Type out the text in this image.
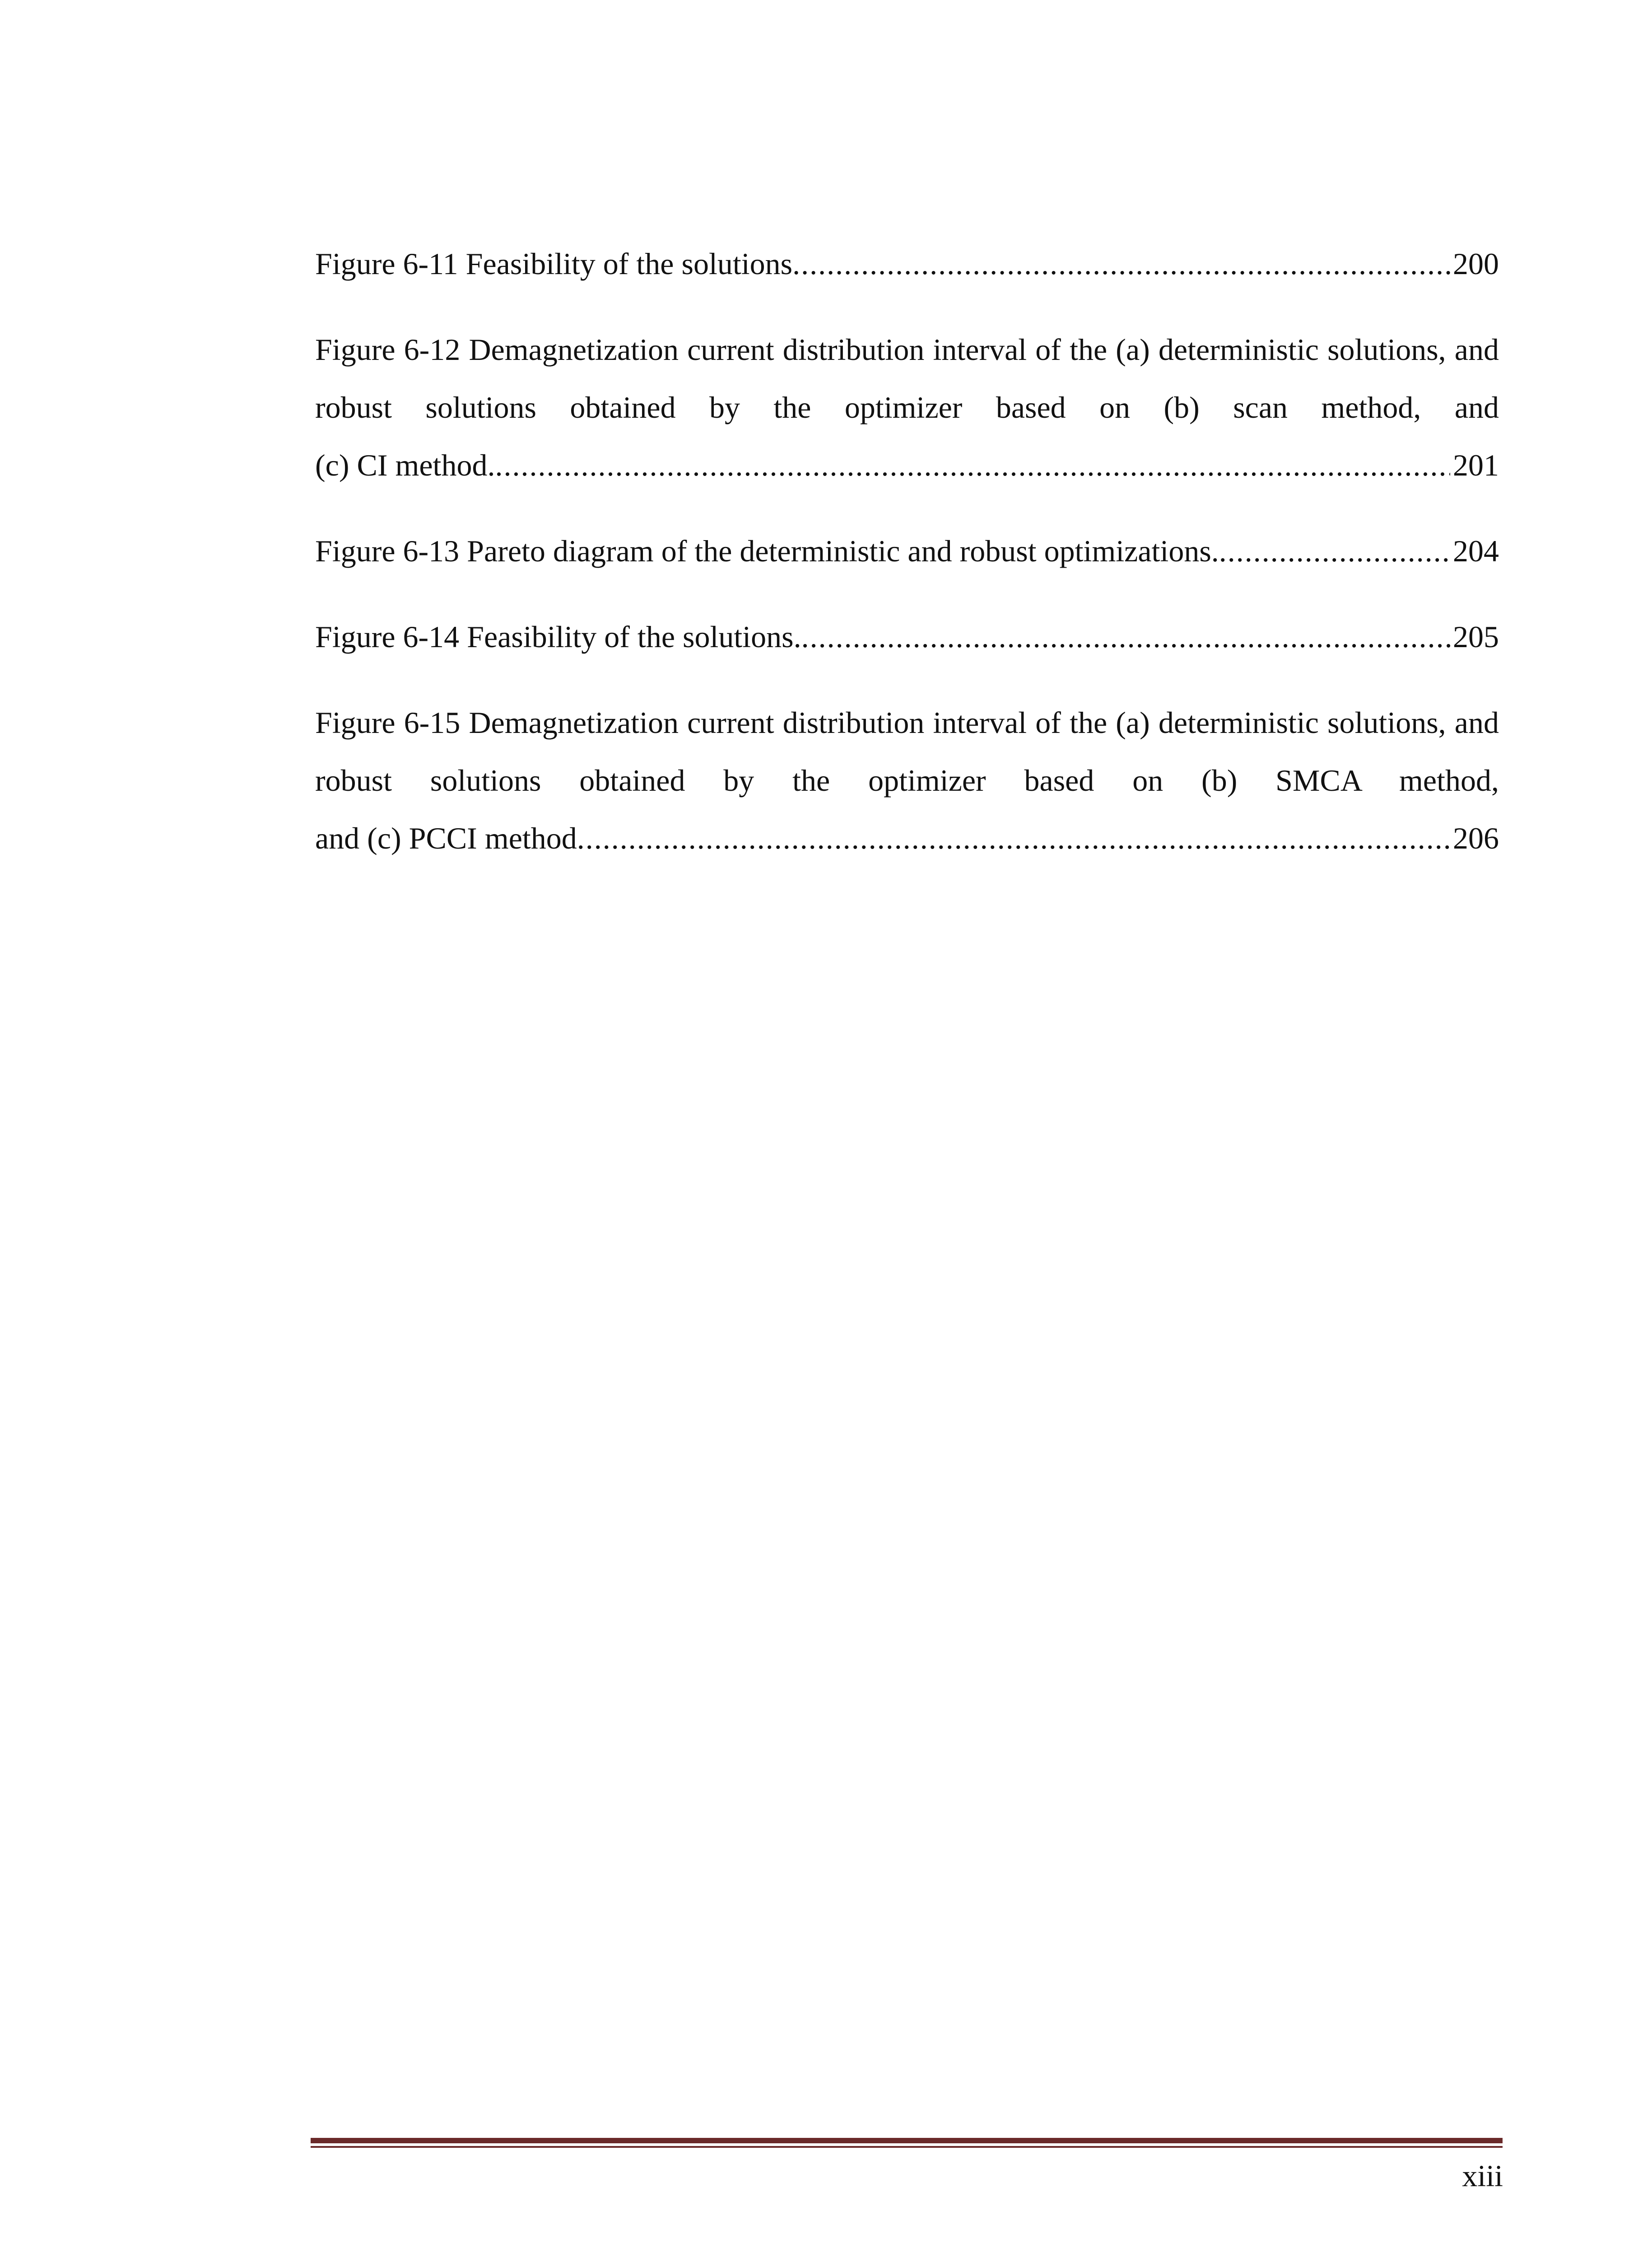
Figure 6-11 Feasibility of the solutions .....	200
Figure 6-12 Demagnetization current distribution interval of the (a) deterministic solutions, and robust solutions obtained by the optimizer based on (b) scan method, and
(c) CI method. .....	201
Figure 6-13 Pareto diagram of the deterministic and robust optimizations. .....	204
Figure 6-14 Feasibility of the solutions. .....	205
Figure 6-15 Demagnetization current distribution interval of the (a) deterministic solutions, and robust solutions obtained by the optimizer based on (b) SMCA method,
and (c) PCCI method .....	206
xiii
